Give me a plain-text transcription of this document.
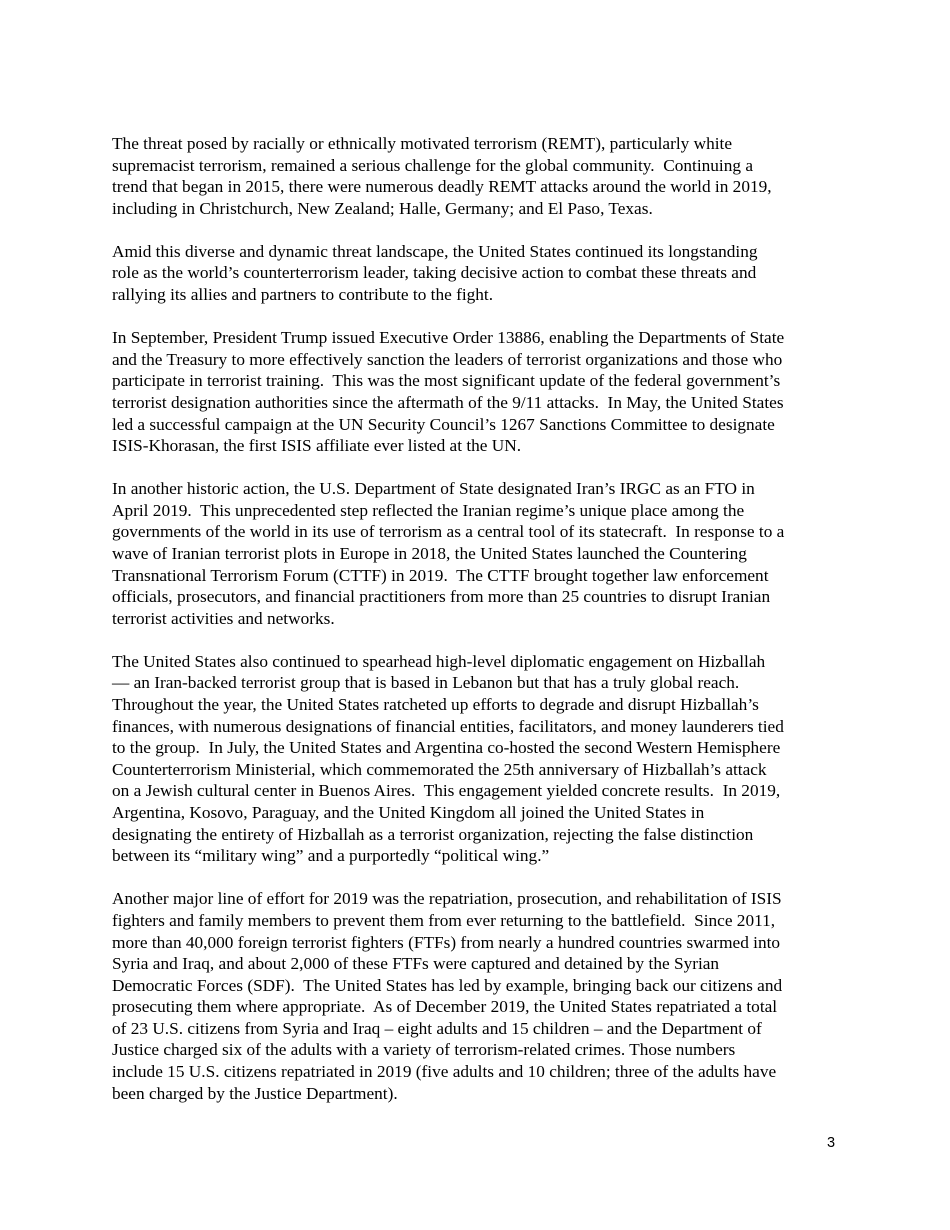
The threat posed by racially or ethnically motivated terrorism (REMT), particularly white
supremacist terrorism, remained a serious challenge for the global community.  Continuing a
trend that began in 2015, there were numerous deadly REMT attacks around the world in 2019,
including in Christchurch, New Zealand; Halle, Germany; and El Paso, Texas.

Amid this diverse and dynamic threat landscape, the United States continued its longstanding
role as the world’s counterterrorism leader, taking decisive action to combat these threats and
rallying its allies and partners to contribute to the fight.

In September, President Trump issued Executive Order 13886, enabling the Departments of State
and the Treasury to more effectively sanction the leaders of terrorist organizations and those who
participate in terrorist training.  This was the most significant update of the federal government’s
terrorist designation authorities since the aftermath of the 9/11 attacks.  In May, the United States
led a successful campaign at the UN Security Council’s 1267 Sanctions Committee to designate
ISIS-Khorasan, the first ISIS affiliate ever listed at the UN.

In another historic action, the U.S. Department of State designated Iran’s IRGC as an FTO in
April 2019.  This unprecedented step reflected the Iranian regime’s unique place among the
governments of the world in its use of terrorism as a central tool of its statecraft.  In response to a
wave of Iranian terrorist plots in Europe in 2018, the United States launched the Countering
Transnational Terrorism Forum (CTTF) in 2019.  The CTTF brought together law enforcement
officials, prosecutors, and financial practitioners from more than 25 countries to disrupt Iranian
terrorist activities and networks.

The United States also continued to spearhead high-level diplomatic engagement on Hizballah
— an Iran-backed terrorist group that is based in Lebanon but that has a truly global reach.
Throughout the year, the United States ratcheted up efforts to degrade and disrupt Hizballah’s
finances, with numerous designations of financial entities, facilitators, and money launderers tied
to the group.  In July, the United States and Argentina co-hosted the second Western Hemisphere
Counterterrorism Ministerial, which commemorated the 25th anniversary of Hizballah’s attack
on a Jewish cultural center in Buenos Aires.  This engagement yielded concrete results.  In 2019,
Argentina, Kosovo, Paraguay, and the United Kingdom all joined the United States in
designating the entirety of Hizballah as a terrorist organization, rejecting the false distinction
between its “military wing” and a purportedly “political wing.”

Another major line of effort for 2019 was the repatriation, prosecution, and rehabilitation of ISIS
fighters and family members to prevent them from ever returning to the battlefield.  Since 2011,
more than 40,000 foreign terrorist fighters (FTFs) from nearly a hundred countries swarmed into
Syria and Iraq, and about 2,000 of these FTFs were captured and detained by the Syrian
Democratic Forces (SDF).  The United States has led by example, bringing back our citizens and
prosecuting them where appropriate.  As of December 2019, the United States repatriated a total
of 23 U.S. citizens from Syria and Iraq – eight adults and 15 children – and the Department of
Justice charged six of the adults with a variety of terrorism-related crimes. Those numbers
include 15 U.S. citizens repatriated in 2019 (five adults and 10 children; three of the adults have
been charged by the Justice Department).

3
